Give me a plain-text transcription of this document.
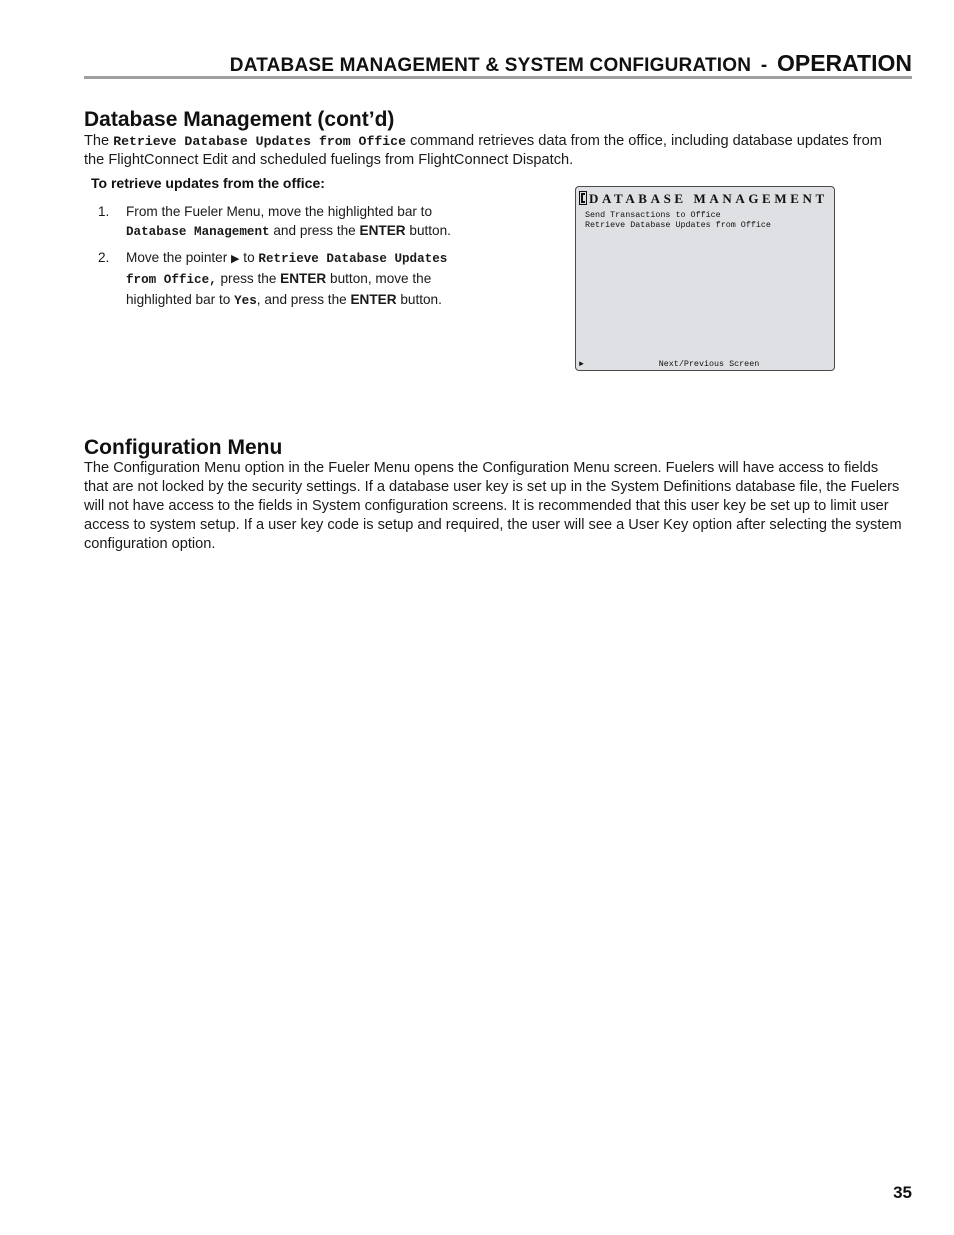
DATABASE MANAGEMENT & SYSTEM CONFIGURATION - OPERATION
Database Management (cont’d)

The Retrieve Database Updates from Office command retrieves data from the office, including database updates from the FlightConnect Edit and scheduled fuelings from FlightConnect Dispatch.

To retrieve updates from the office:

1. From the Fueler Menu, move the highlighted bar to Database Management and press the ENTER button.
2. Move the pointer ▶ to Retrieve Database Updates from Office, press the ENTER button, move the highlighted bar to Yes, and press the ENTER button.
DATABASE MANAGEMENT
Send Transactions to Office
Retrieve Database Updates from Office
►	Next/Previous Screen
Configuration Menu

The Configuration Menu option in the Fueler Menu opens the Configuration Menu screen. Fuelers will have access to fields that are not locked by the security settings. If a database user key is set up in the System Definitions database file, the Fuelers will not have access to the fields in System configuration screens. It is recommended that this user key be set up to limit user access to system setup. If a user key code is setup and required, the user will see a User Key option after selecting the system configuration option.

35
